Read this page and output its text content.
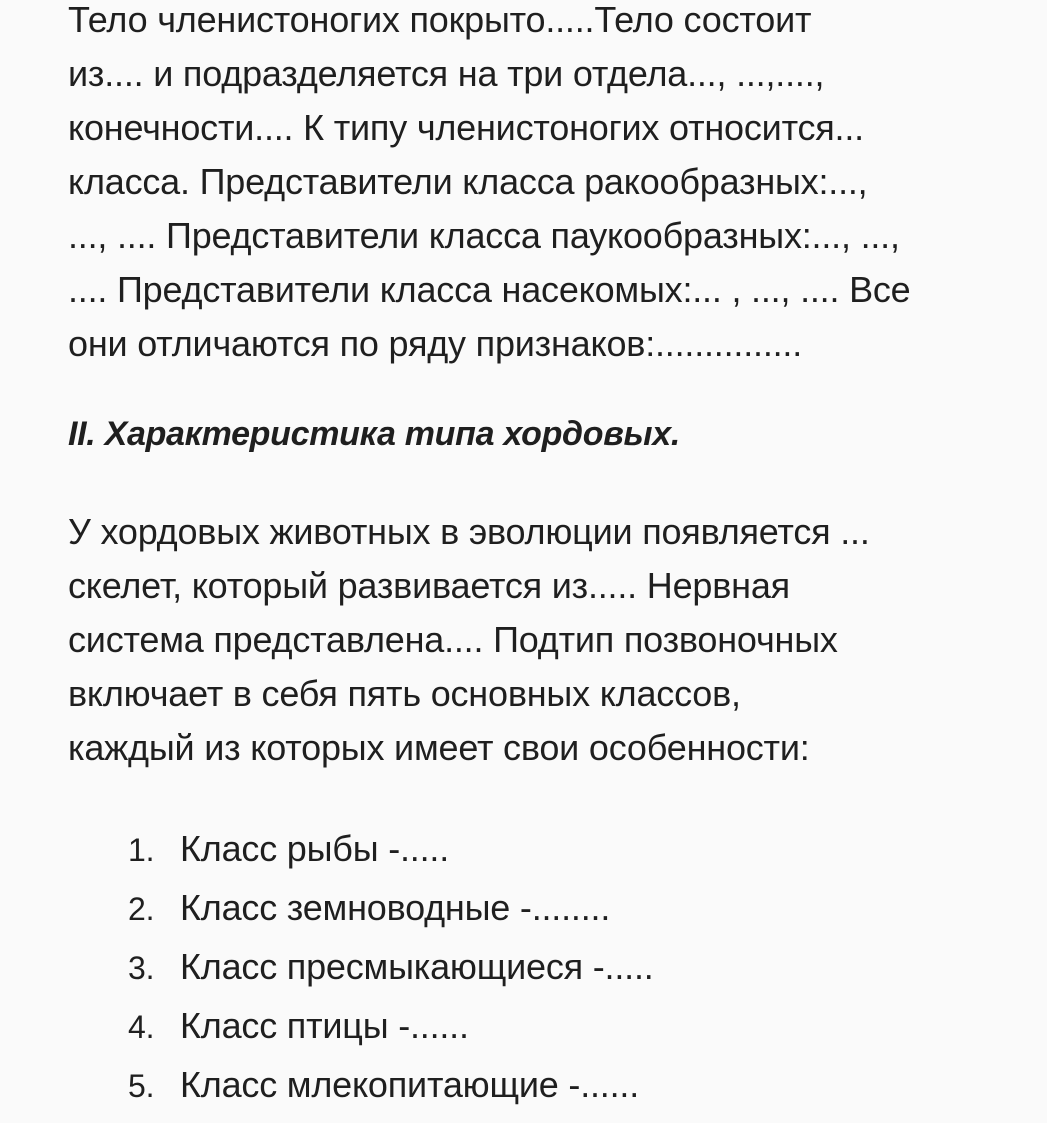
Тело членистоногих покрыто.....Тело состоит
из.... и подразделяется на три отдела..., ...,....,
конечности.... К типу членистоногих относится...
класса. Представители класса ракообразных:...,
..., .... Представители класса паукообразных:..., ...,
.... Представители класса насекомых:... , ..., .... Все
они отличаются по ряду признаков:...............

II. Характеристика типа хордовых.

У хордовых животных в эволюции появляется ...
скелет, который развивается из..... Нервная
система представлена.... Подтип позвоночных
включает в себя пять основных классов,
каждый из которых имеет свои особенности:

1. Класс рыбы -.....
2. Класс земноводные -........
3. Класс пресмыкающиеся -.....
4. Класс птицы -......
5. Класс млекопитающие -......
